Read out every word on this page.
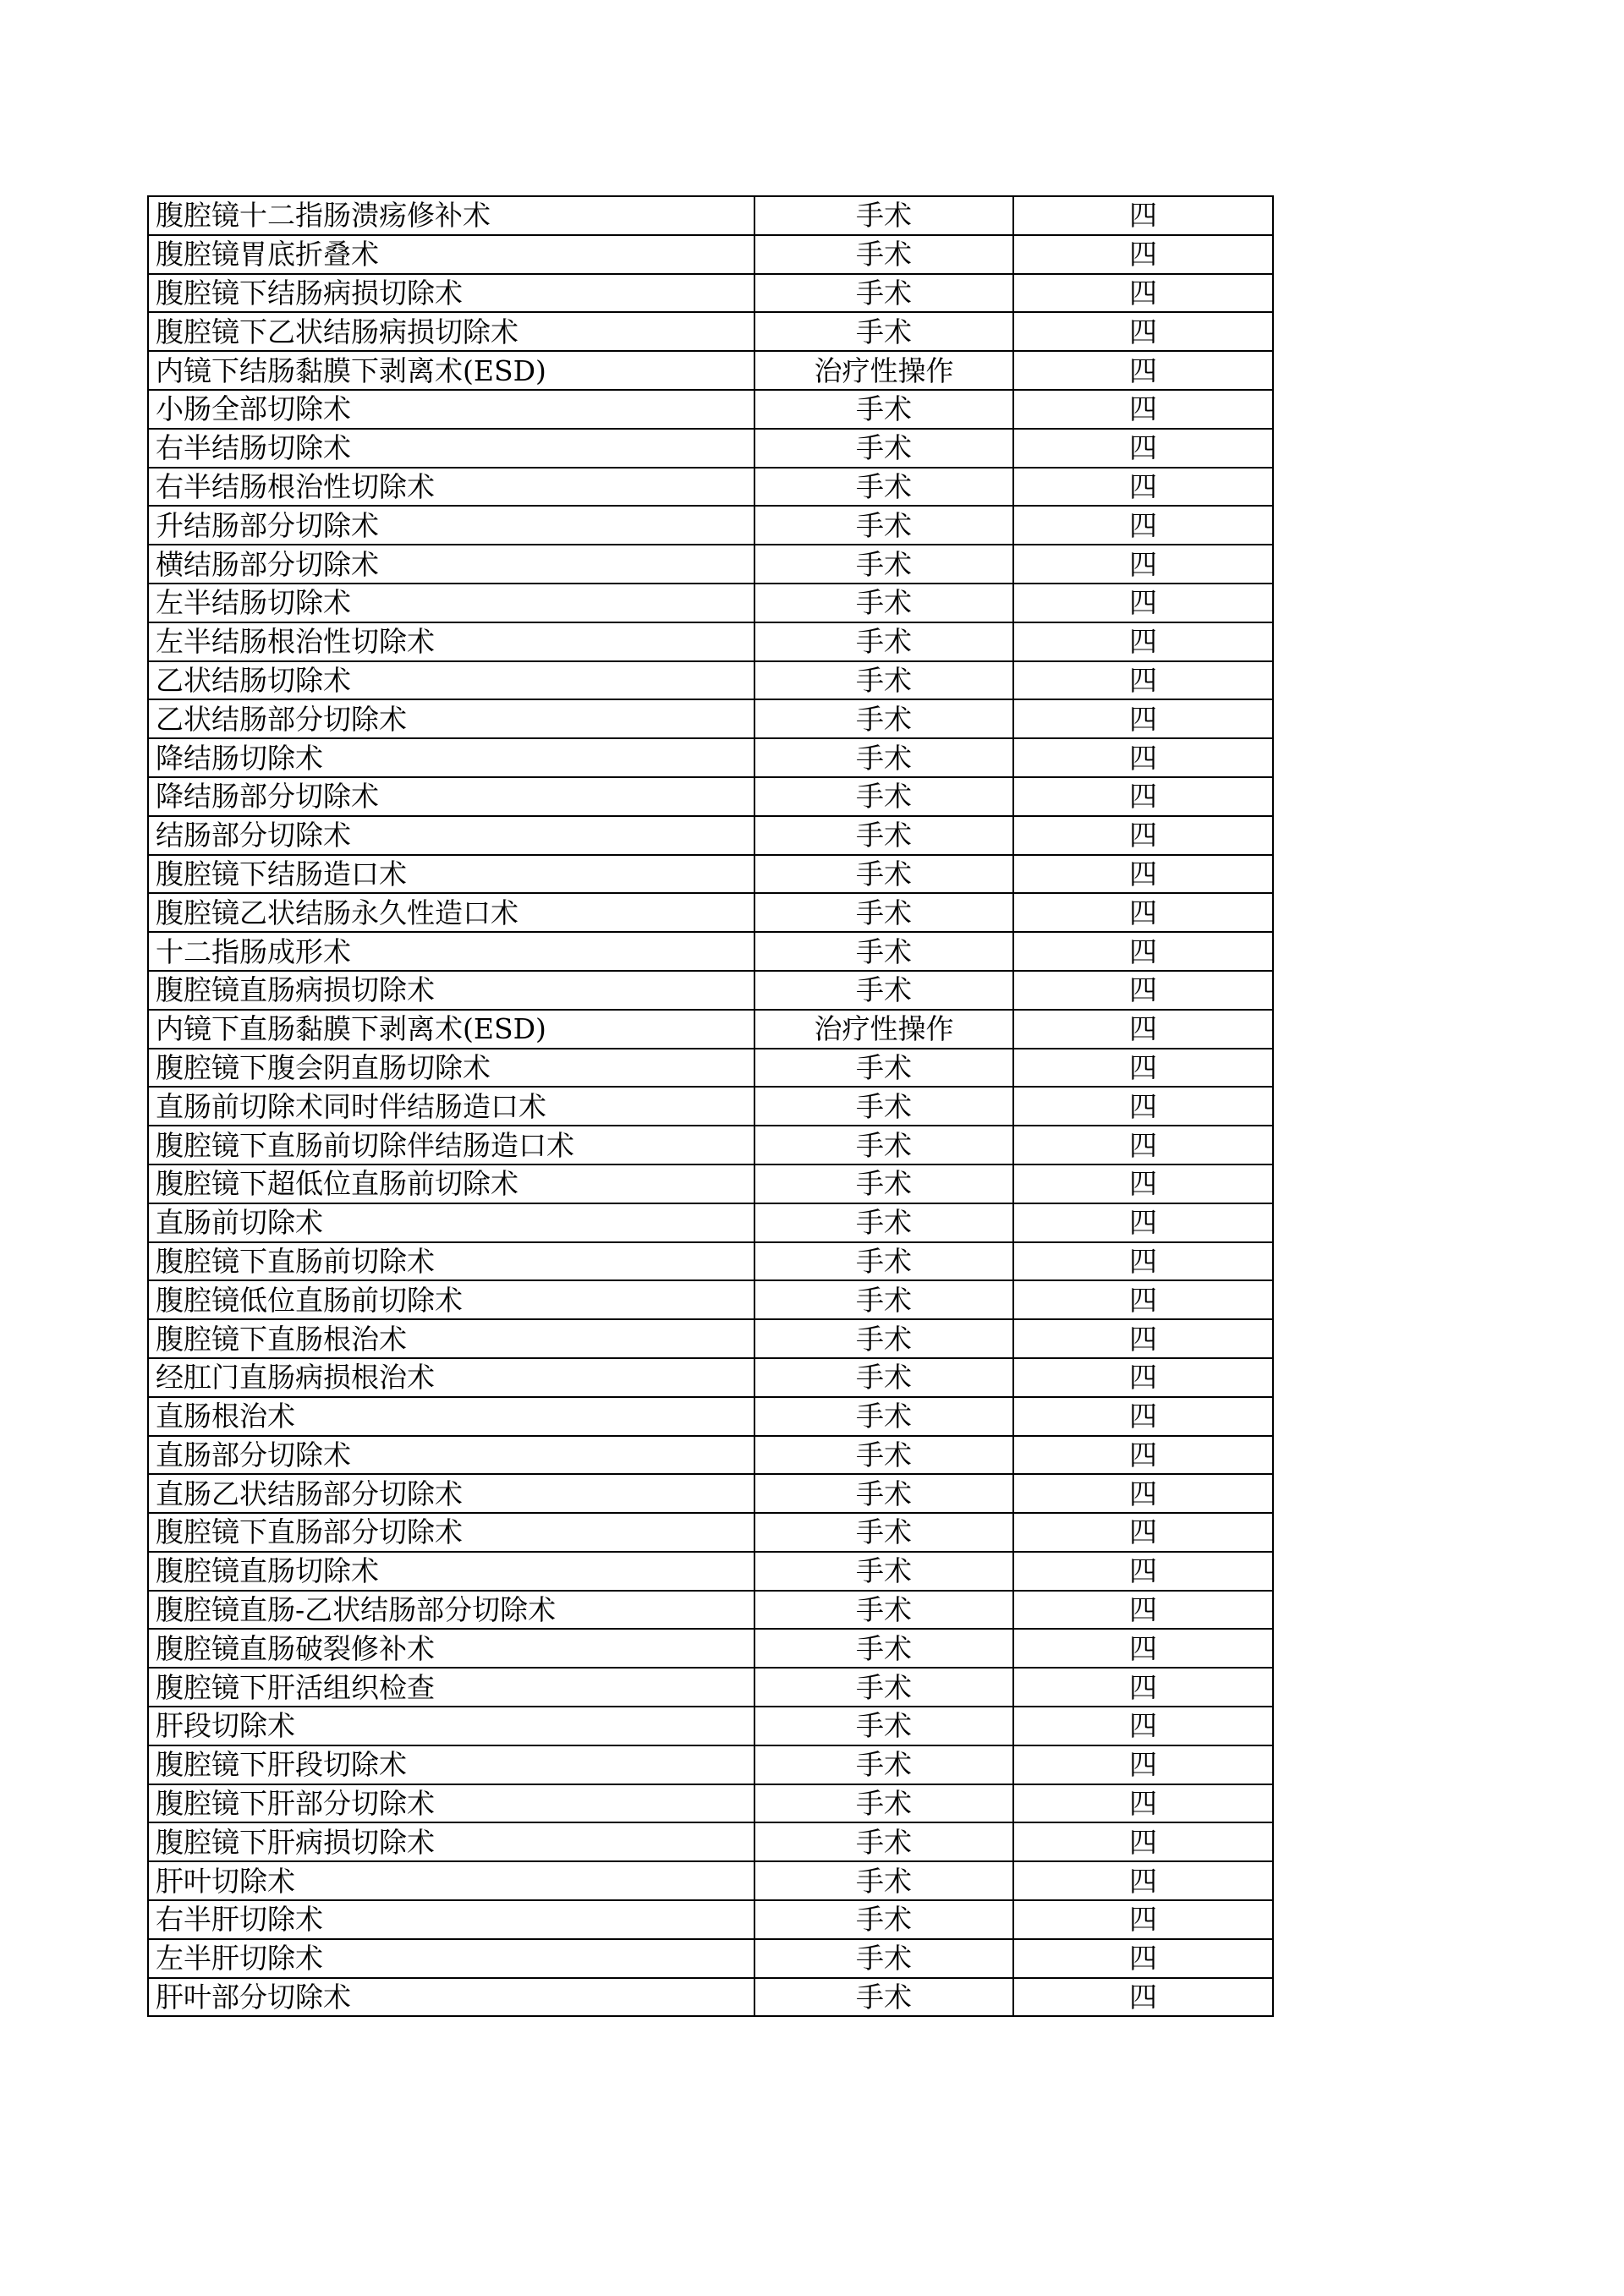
腹腔镜十二指肠溃疡修补术	手术	四
腹腔镜胃底折叠术	手术	四
腹腔镜下结肠病损切除术	手术	四
腹腔镜下乙状结肠病损切除术	手术	四
内镜下结肠黏膜下剥离术(ESD)	治疗性操作	四
小肠全部切除术	手术	四
右半结肠切除术	手术	四
右半结肠根治性切除术	手术	四
升结肠部分切除术	手术	四
横结肠部分切除术	手术	四
左半结肠切除术	手术	四
左半结肠根治性切除术	手术	四
乙状结肠切除术	手术	四
乙状结肠部分切除术	手术	四
降结肠切除术	手术	四
降结肠部分切除术	手术	四
结肠部分切除术	手术	四
腹腔镜下结肠造口术	手术	四
腹腔镜乙状结肠永久性造口术	手术	四
十二指肠成形术	手术	四
腹腔镜直肠病损切除术	手术	四
内镜下直肠黏膜下剥离术(ESD)	治疗性操作	四
腹腔镜下腹会阴直肠切除术	手术	四
直肠前切除术同时伴结肠造口术	手术	四
腹腔镜下直肠前切除伴结肠造口术	手术	四
腹腔镜下超低位直肠前切除术	手术	四
直肠前切除术	手术	四
腹腔镜下直肠前切除术	手术	四
腹腔镜低位直肠前切除术	手术	四
腹腔镜下直肠根治术	手术	四
经肛门直肠病损根治术	手术	四
直肠根治术	手术	四
直肠部分切除术	手术	四
直肠乙状结肠部分切除术	手术	四
腹腔镜下直肠部分切除术	手术	四
腹腔镜直肠切除术	手术	四
腹腔镜直肠-乙状结肠部分切除术	手术	四
腹腔镜直肠破裂修补术	手术	四
腹腔镜下肝活组织检查	手术	四
肝段切除术	手术	四
腹腔镜下肝段切除术	手术	四
腹腔镜下肝部分切除术	手术	四
腹腔镜下肝病损切除术	手术	四
肝叶切除术	手术	四
右半肝切除术	手术	四
左半肝切除术	手术	四
肝叶部分切除术	手术	四
